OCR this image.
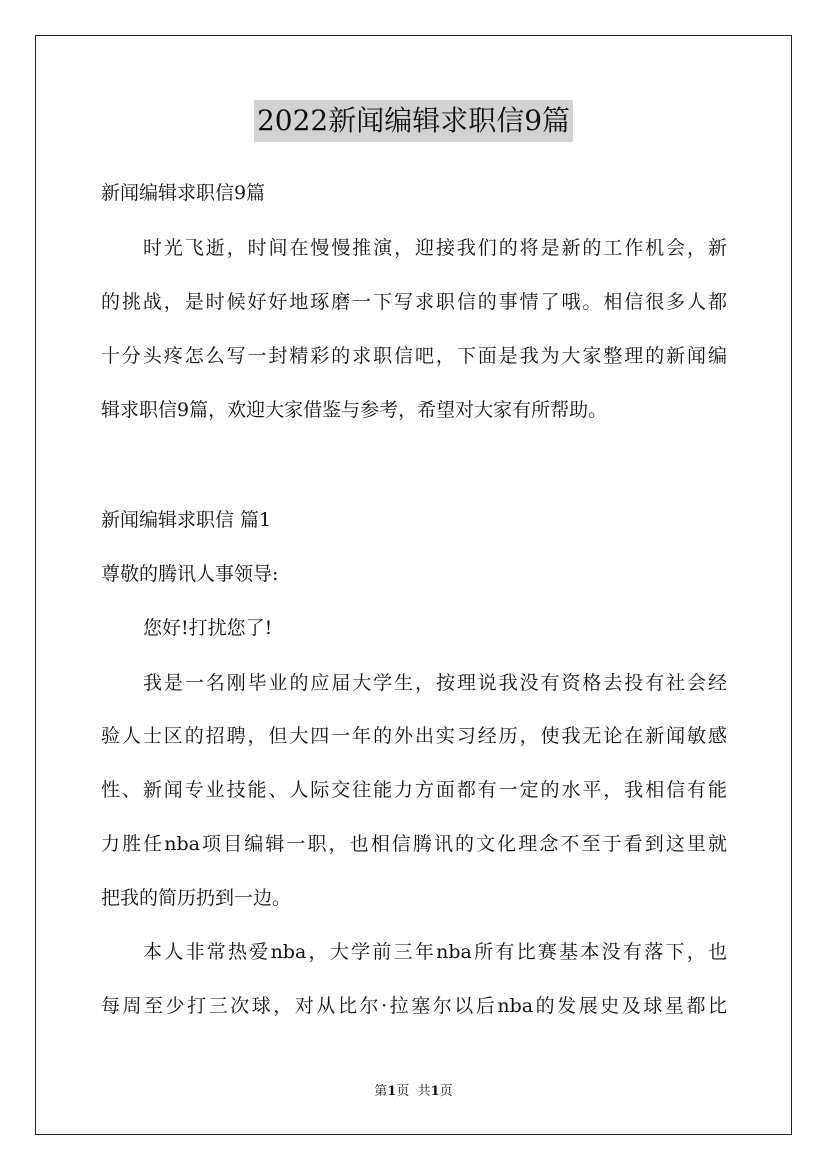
2022新闻编辑求职信9篇
新闻编辑求职信9篇
时光飞逝，时间在慢慢推演，迎接我们的将是新的工作机会，新
的挑战，是时候好好地琢磨一下写求职信的事情了哦。相信很多人都
十分头疼怎么写一封精彩的求职信吧，下面是我为大家整理的新闻编
辑求职信9篇，欢迎大家借鉴与参考，希望对大家有所帮助。
新闻编辑求职信 篇1
尊敬的腾讯人事领导:
您好!打扰您了!
我是一名刚毕业的应届大学生，按理说我没有资格去投有社会经
验人士区的招聘，但大四一年的外出实习经历，使我无论在新闻敏感
性、新闻专业技能、人际交往能力方面都有一定的水平，我相信有能
力胜任nba项目编辑一职，也相信腾讯的文化理念不至于看到这里就
把我的简历扔到一边。
本人非常热爱nba，大学前三年nba所有比赛基本没有落下，也
每周至少打三次球，对从比尔·拉塞尔以后nba的发展史及球星都比
第1页 共1页
